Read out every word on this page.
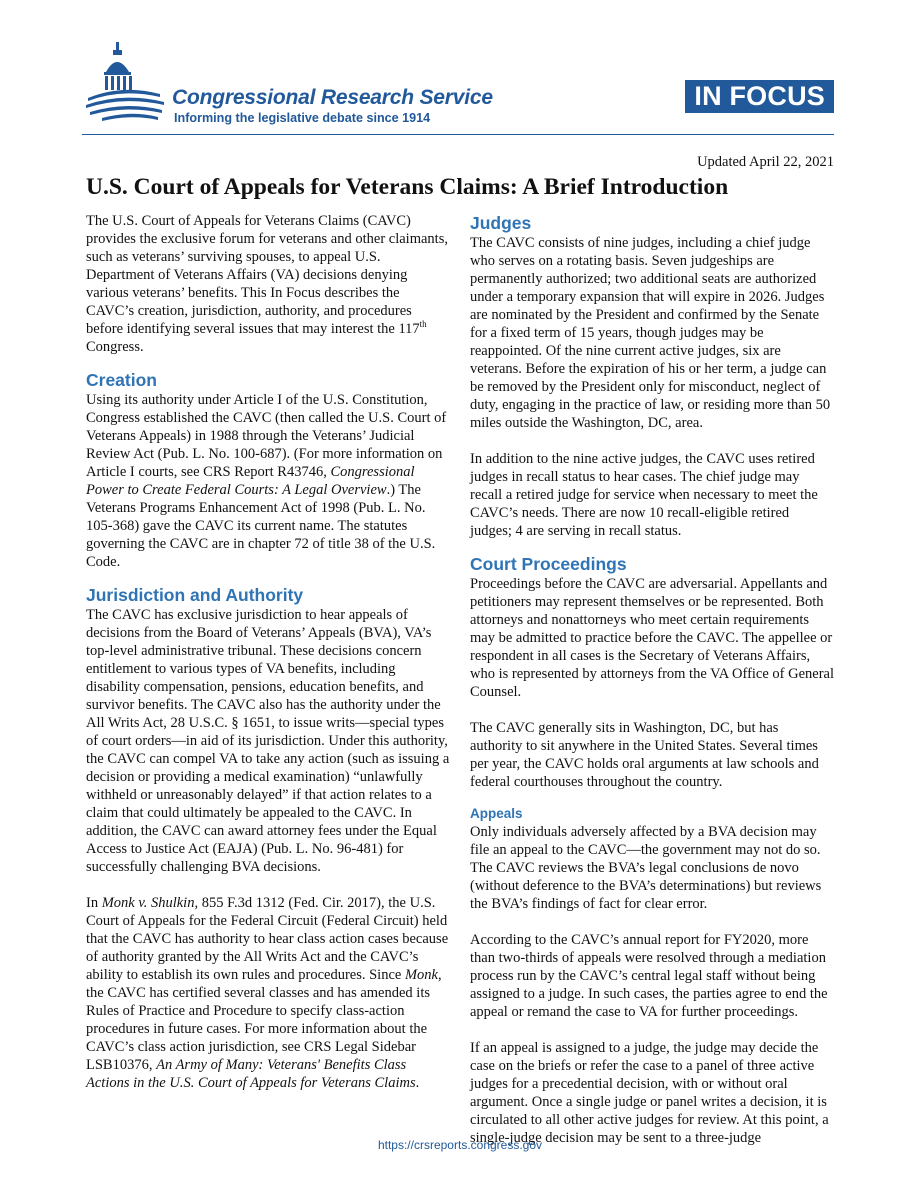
Congressional Research Service
Informing the legislative debate since 1914
IN FOCUS
Updated April 22, 2021
U.S. Court of Appeals for Veterans Claims: A Brief Introduction

The U.S. Court of Appeals for Veterans Claims (CAVC) provides the exclusive forum for veterans and other claimants, such as veterans’ surviving spouses, to appeal U.S. Department of Veterans Affairs (VA) decisions denying various veterans’ benefits. This In Focus describes the CAVC’s creation, jurisdiction, authority, and procedures before identifying several issues that may interest the 117th Congress.

Creation

Using its authority under Article I of the U.S. Constitution, Congress established the CAVC (then called the U.S. Court of Veterans Appeals) in 1988 through the Veterans’ Judicial Review Act (Pub. L. No. 100-687). (For more information on Article I courts, see CRS Report R43746, Congressional Power to Create Federal Courts: A Legal Overview.) The Veterans Programs Enhancement Act of 1998 (Pub. L. No. 105-368) gave the CAVC its current name. The statutes governing the CAVC are in chapter 72 of title 38 of the U.S. Code.

Jurisdiction and Authority

The CAVC has exclusive jurisdiction to hear appeals of decisions from the Board of Veterans’ Appeals (BVA), VA’s top-level administrative tribunal. These decisions concern entitlement to various types of VA benefits, including disability compensation, pensions, education benefits, and survivor benefits. The CAVC also has the authority under the All Writs Act, 28 U.S.C. § 1651, to issue writs—special types of court orders—in aid of its jurisdiction. Under this authority, the CAVC can compel VA to take any action (such as issuing a decision or providing a medical examination) “unlawfully withheld or unreasonably delayed” if that action relates to a claim that could ultimately be appealed to the CAVC. In addition, the CAVC can award attorney fees under the Equal Access to Justice Act (EAJA) (Pub. L. No. 96-481) for successfully challenging BVA decisions.

In Monk v. Shulkin, 855 F.3d 1312 (Fed. Cir. 2017), the U.S. Court of Appeals for the Federal Circuit (Federal Circuit) held that the CAVC has authority to hear class action cases because of authority granted by the All Writs Act and the CAVC’s ability to establish its own rules and procedures. Since Monk, the CAVC has certified several classes and has amended its Rules of Practice and Procedure to specify class-action procedures in future cases. For more information about the CAVC’s class action jurisdiction, see CRS Legal Sidebar LSB10376, An Army of Many: Veterans' Benefits Class Actions in the U.S. Court of Appeals for Veterans Claims.

Judges

The CAVC consists of nine judges, including a chief judge who serves on a rotating basis. Seven judgeships are permanently authorized; two additional seats are authorized under a temporary expansion that will expire in 2026. Judges are nominated by the President and confirmed by the Senate for a fixed term of 15 years, though judges may be reappointed. Of the nine current active judges, six are veterans. Before the expiration of his or her term, a judge can be removed by the President only for misconduct, neglect of duty, engaging in the practice of law, or residing more than 50 miles outside the Washington, DC, area.

In addition to the nine active judges, the CAVC uses retired judges in recall status to hear cases. The chief judge may recall a retired judge for service when necessary to meet the CAVC’s needs. There are now 10 recall-eligible retired judges; 4 are serving in recall status.

Court Proceedings

Proceedings before the CAVC are adversarial. Appellants and petitioners may represent themselves or be represented. Both attorneys and nonattorneys who meet certain requirements may be admitted to practice before the CAVC. The appellee or respondent in all cases is the Secretary of Veterans Affairs, who is represented by attorneys from the VA Office of General Counsel.

The CAVC generally sits in Washington, DC, but has authority to sit anywhere in the United States. Several times per year, the CAVC holds oral arguments at law schools and federal courthouses throughout the country.

Appeals

Only individuals adversely affected by a BVA decision may file an appeal to the CAVC—the government may not do so. The CAVC reviews the BVA’s legal conclusions de novo (without deference to the BVA’s determinations) but reviews the BVA’s findings of fact for clear error.

According to the CAVC’s annual report for FY2020, more than two-thirds of appeals were resolved through a mediation process run by the CAVC’s central legal staff without being assigned to a judge. In such cases, the parties agree to end the appeal or remand the case to VA for further proceedings.

If an appeal is assigned to a judge, the judge may decide the case on the briefs or refer the case to a panel of three active judges for a precedential decision, with or without oral argument. Once a single judge or panel writes a decision, it is circulated to all other active judges for review. At this point, a single-judge decision may be sent to a three-judge

https://crsreports.congress.gov
